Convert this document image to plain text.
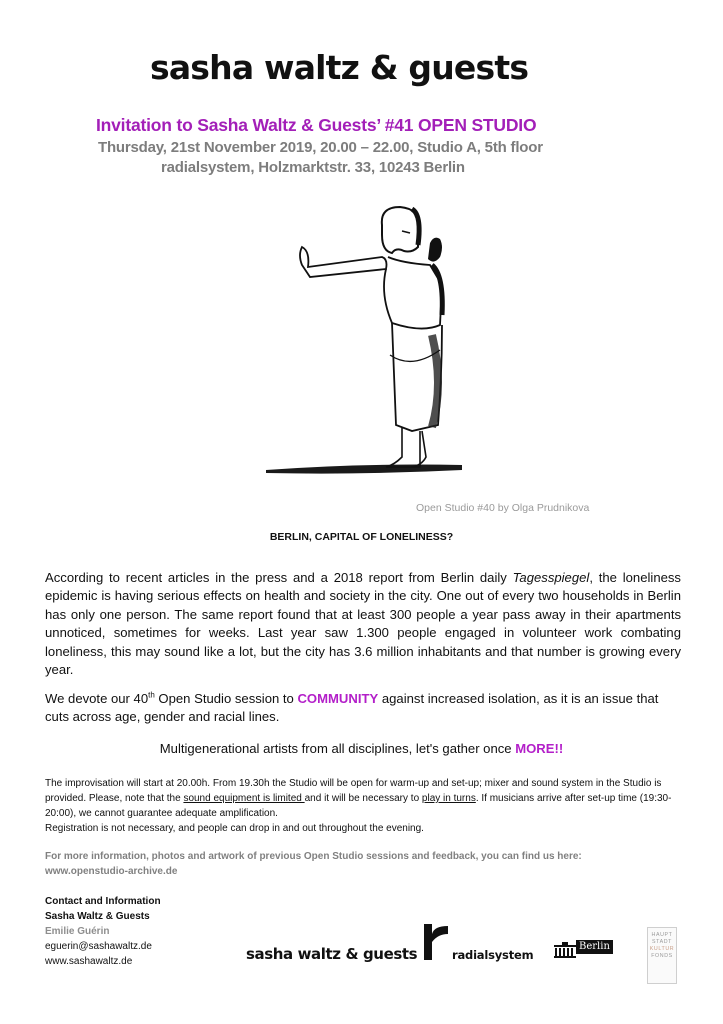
sasha waltz & guests
Invitation to Sasha Waltz & Guests’ #41 OPEN STUDIO
Thursday, 21st November 2019, 20.00 – 22.00, Studio A, 5th floor
radialsystem, Holzmarktstr. 33, 10243 Berlin
Open Studio #40 by Olga Prudnikova
BERLIN, CAPITAL OF LONELINESS?
According to recent articles in the press and a 2018 report from Berlin daily Tagesspiegel, the loneliness epidemic is having serious effects on health and society in the city. One out of every two households in Berlin has only one person. The same report found that at least 300 people a year pass away in their apartments unnoticed, sometimes for weeks. Last year saw 1.300 people engaged in volunteer work combating loneliness, this may sound like a lot, but the city has 3.6 million inhabitants and that number is growing every year.
We devote our 40th Open Studio session to COMMUNITY against increased isolation, as it is an issue that cuts across age, gender and racial lines.
Multigenerational artists from all disciplines, let's gather once MORE!!
The improvisation will start at 20.00h. From 19.30h the Studio will be open for warm-up and set-up; mixer and sound system in the Studio is provided. Please, note that the sound equipment is limited and it will be necessary to play in turns. If musicians arrive after set-up time (19:30-20:00), we cannot guarantee adequate amplification.
Registration is not necessary, and people can drop in and out throughout the evening.
For more information, photos and artwork of previous Open Studio sessions and feedback, you can find us here:
www.openstudio-archive.de
Contact and Information
Sasha Waltz & Guests
Emilie Guérin
eguerin@sashawaltz.de
www.sashawaltz.de	sasha waltz & guests	radialsystem
Berlin
HAUPT
STADT
KULTUR
FONDS
